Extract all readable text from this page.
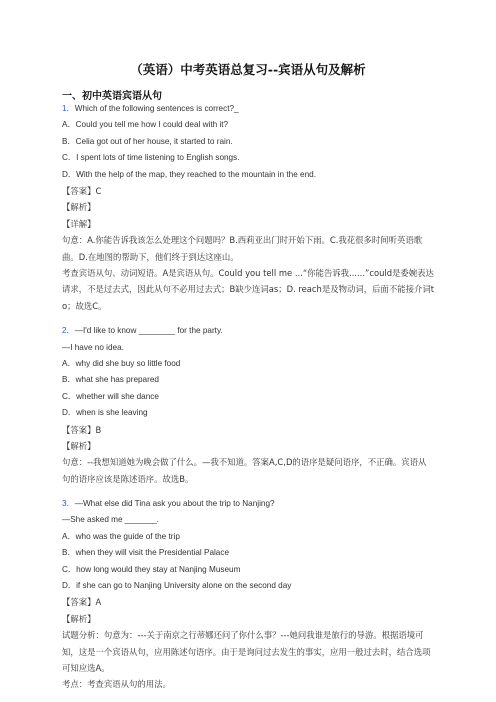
（英语）中考英语总复习--宾语从句及解析
一、初中英语宾语从句
1．Which of the following sentences is correct?_
A．Could you tell me how I could deal with it?
B．Celia got out of her house, it started to rain.
C．I spent lots of time listening to English songs.
D．With the help of the map, they reached to the mountain in the end.
【答案】C
【解析】
【详解】
句意：A.你能告诉我该怎么处理这个问题吗？B.西莉亚出门时开始下雨。C.我花很多时间听英语歌曲。D.在地图的帮助下，他们终于到达这座山。
考查宾语从句、动词短语。A是宾语从句。Could you tell me ...“你能告诉我......”could是委婉表达请求，不是过去式，因此从句不必用过去式；B缺少连词as；D. reach是及物动词，后面不能接介词to；故选C。
2．—I'd like to know ________ for the party.
—I have no idea.
A．why did she buy so little food
B．what she has prepared
C．whether will she dance
D．when is she leaving
【答案】B
【解析】
句意：--我想知道她为晚会做了什么。—我不知道。答案A,C,D的语序是疑问语序，不正确。宾语从句的语序应该是陈述语序。故选B。
3．—What else did Tina ask you about the trip to Nanjing?
—She asked me _______.
A．who was the guide of the trip
B．when they will visit the Presidential Palace
C．how long would they stay at Nanjing Museum
D．if she can go to Nanjing University alone on the second day
【答案】A
【解析】
试题分析：句意为：---关于南京之行蒂娜还问了你什么事？---她问我谁是旅行的导游。根据语境可知，这是一个宾语从句，应用陈述句语序。由于是询问过去发生的事实，应用一般过去时，结合选项可知应选A。
考点：考查宾语从句的用法。
